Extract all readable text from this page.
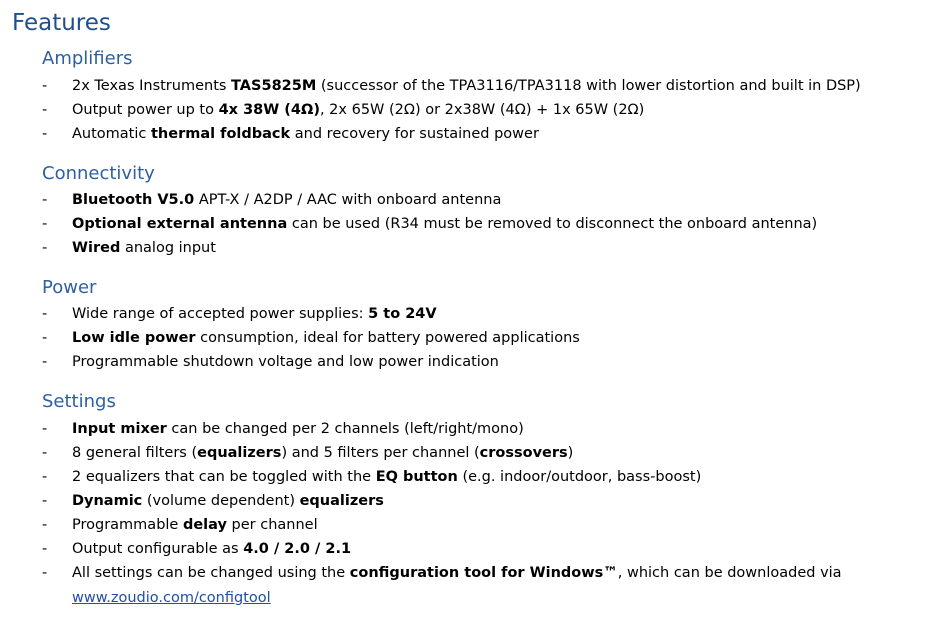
Features
Amplifiers
- 2x Texas Instruments TAS5825M (successor of the TPA3116/TPA3118 with lower distortion and built in DSP)
- Output power up to 4x 38W (4Ω), 2x 65W (2Ω) or 2x38W (4Ω) + 1x 65W (2Ω)
- Automatic thermal foldback and recovery for sustained power
Connectivity
- Bluetooth V5.0 APT-X / A2DP / AAC with onboard antenna
- Optional external antenna can be used (R34 must be removed to disconnect the onboard antenna)
- Wired analog input
Power
- Wide range of accepted power supplies: 5 to 24V
- Low idle power consumption, ideal for battery powered applications
- Programmable shutdown voltage and low power indication
Settings
- Input mixer can be changed per 2 channels (left/right/mono)
- 8 general filters (equalizers) and 5 filters per channel (crossovers)
- 2 equalizers that can be toggled with the EQ button (e.g. indoor/outdoor, bass-boost)
- Dynamic (volume dependent) equalizers
- Programmable delay per channel
- Output configurable as 4.0 / 2.0 / 2.1
- All settings can be changed using the configuration tool for Windows™, which can be downloaded via
www.zoudio.com/configtool
